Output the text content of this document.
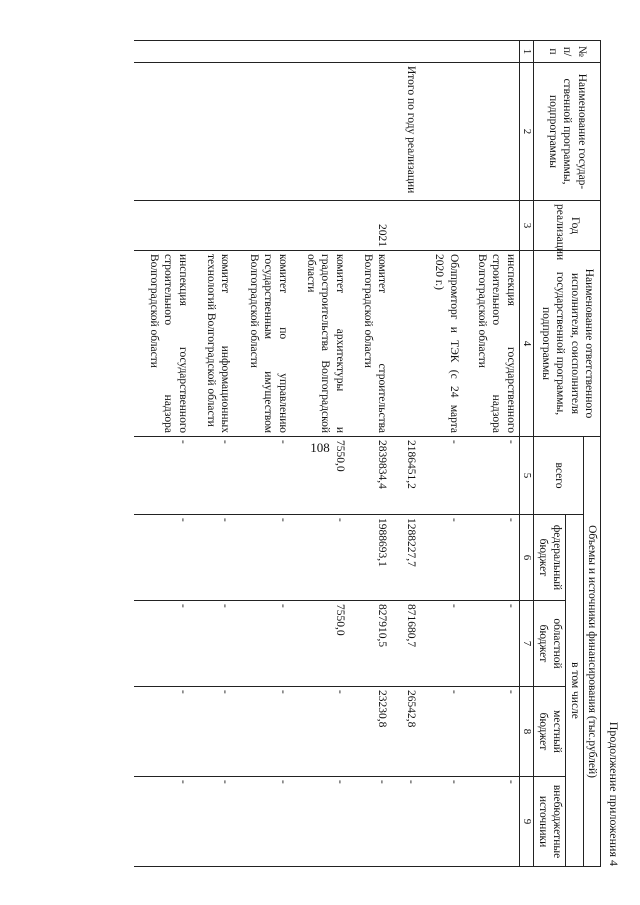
108
Продолжение приложения 4
№ п/п	Наименование государ-ственной программы, подпрограммы	Год реализации	Наименование ответственного исполнителя, соисполнителя государственной программы, подпрограммы	Объемы и источники финансирования (тыс.рублей)				
				всего	в том числе			
					федеральный бюджет	областной бюджет	местный бюджет	внебюджетные источники
1	2	3	4	5	6	7	8	9
			инспекция государственного строительного надзора Волгоградской области	-	-	-	-	-

			Облпромторг и ТЭК (с 24 марта 2020 г.)	-	-	-	-	-

	Итого по году реализации			2186451,2	1288227,7	871680,7	26542,8	-

		2021	комитет строительства Волгоградской области	2839834,4	1988693,1	827910,5	23230,8	-

			комитет архитектуры и градостроительства Волгоградской области	7550,0	-	7550,0	-	-

			комитет по управлению государственным имуществом Волгоградской области	-	-	-	-	-

			комитет информационных технологий Волгоградской области	-	-	-	-	-

			инспекция государственного строительного надзора Волгоградской области	-	-	-	-	-
